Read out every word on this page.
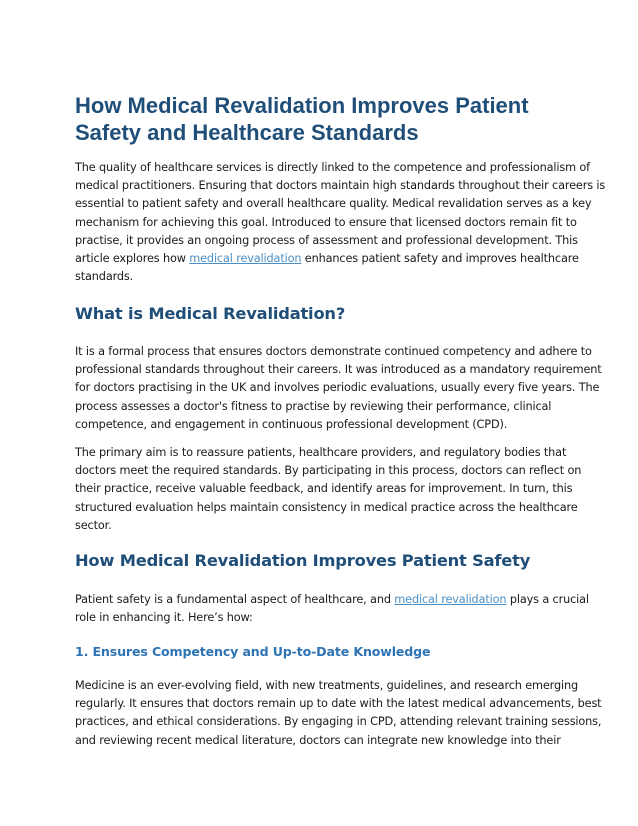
How Medical Revalidation Improves Patient
Safety and Healthcare Standards

The quality of healthcare services is directly linked to the competence and professionalism of
medical practitioners. Ensuring that doctors maintain high standards throughout their careers is
essential to patient safety and overall healthcare quality. Medical revalidation serves as a key
mechanism for achieving this goal. Introduced to ensure that licensed doctors remain fit to
practise, it provides an ongoing process of assessment and professional development. This
article explores how medical revalidation enhances patient safety and improves healthcare
standards.

What is Medical Revalidation?

It is a formal process that ensures doctors demonstrate continued competency and adhere to
professional standards throughout their careers. It was introduced as a mandatory requirement
for doctors practising in the UK and involves periodic evaluations, usually every five years. The
process assesses a doctor's fitness to practise by reviewing their performance, clinical
competence, and engagement in continuous professional development (CPD).

The primary aim is to reassure patients, healthcare providers, and regulatory bodies that
doctors meet the required standards. By participating in this process, doctors can reflect on
their practice, receive valuable feedback, and identify areas for improvement. In turn, this
structured evaluation helps maintain consistency in medical practice across the healthcare
sector.

How Medical Revalidation Improves Patient Safety

Patient safety is a fundamental aspect of healthcare, and medical revalidation plays a crucial
role in enhancing it. Here’s how:

1. Ensures Competency and Up-to-Date Knowledge

Medicine is an ever-evolving field, with new treatments, guidelines, and research emerging
regularly. It ensures that doctors remain up to date with the latest medical advancements, best
practices, and ethical considerations. By engaging in CPD, attending relevant training sessions,
and reviewing recent medical literature, doctors can integrate new knowledge into their
